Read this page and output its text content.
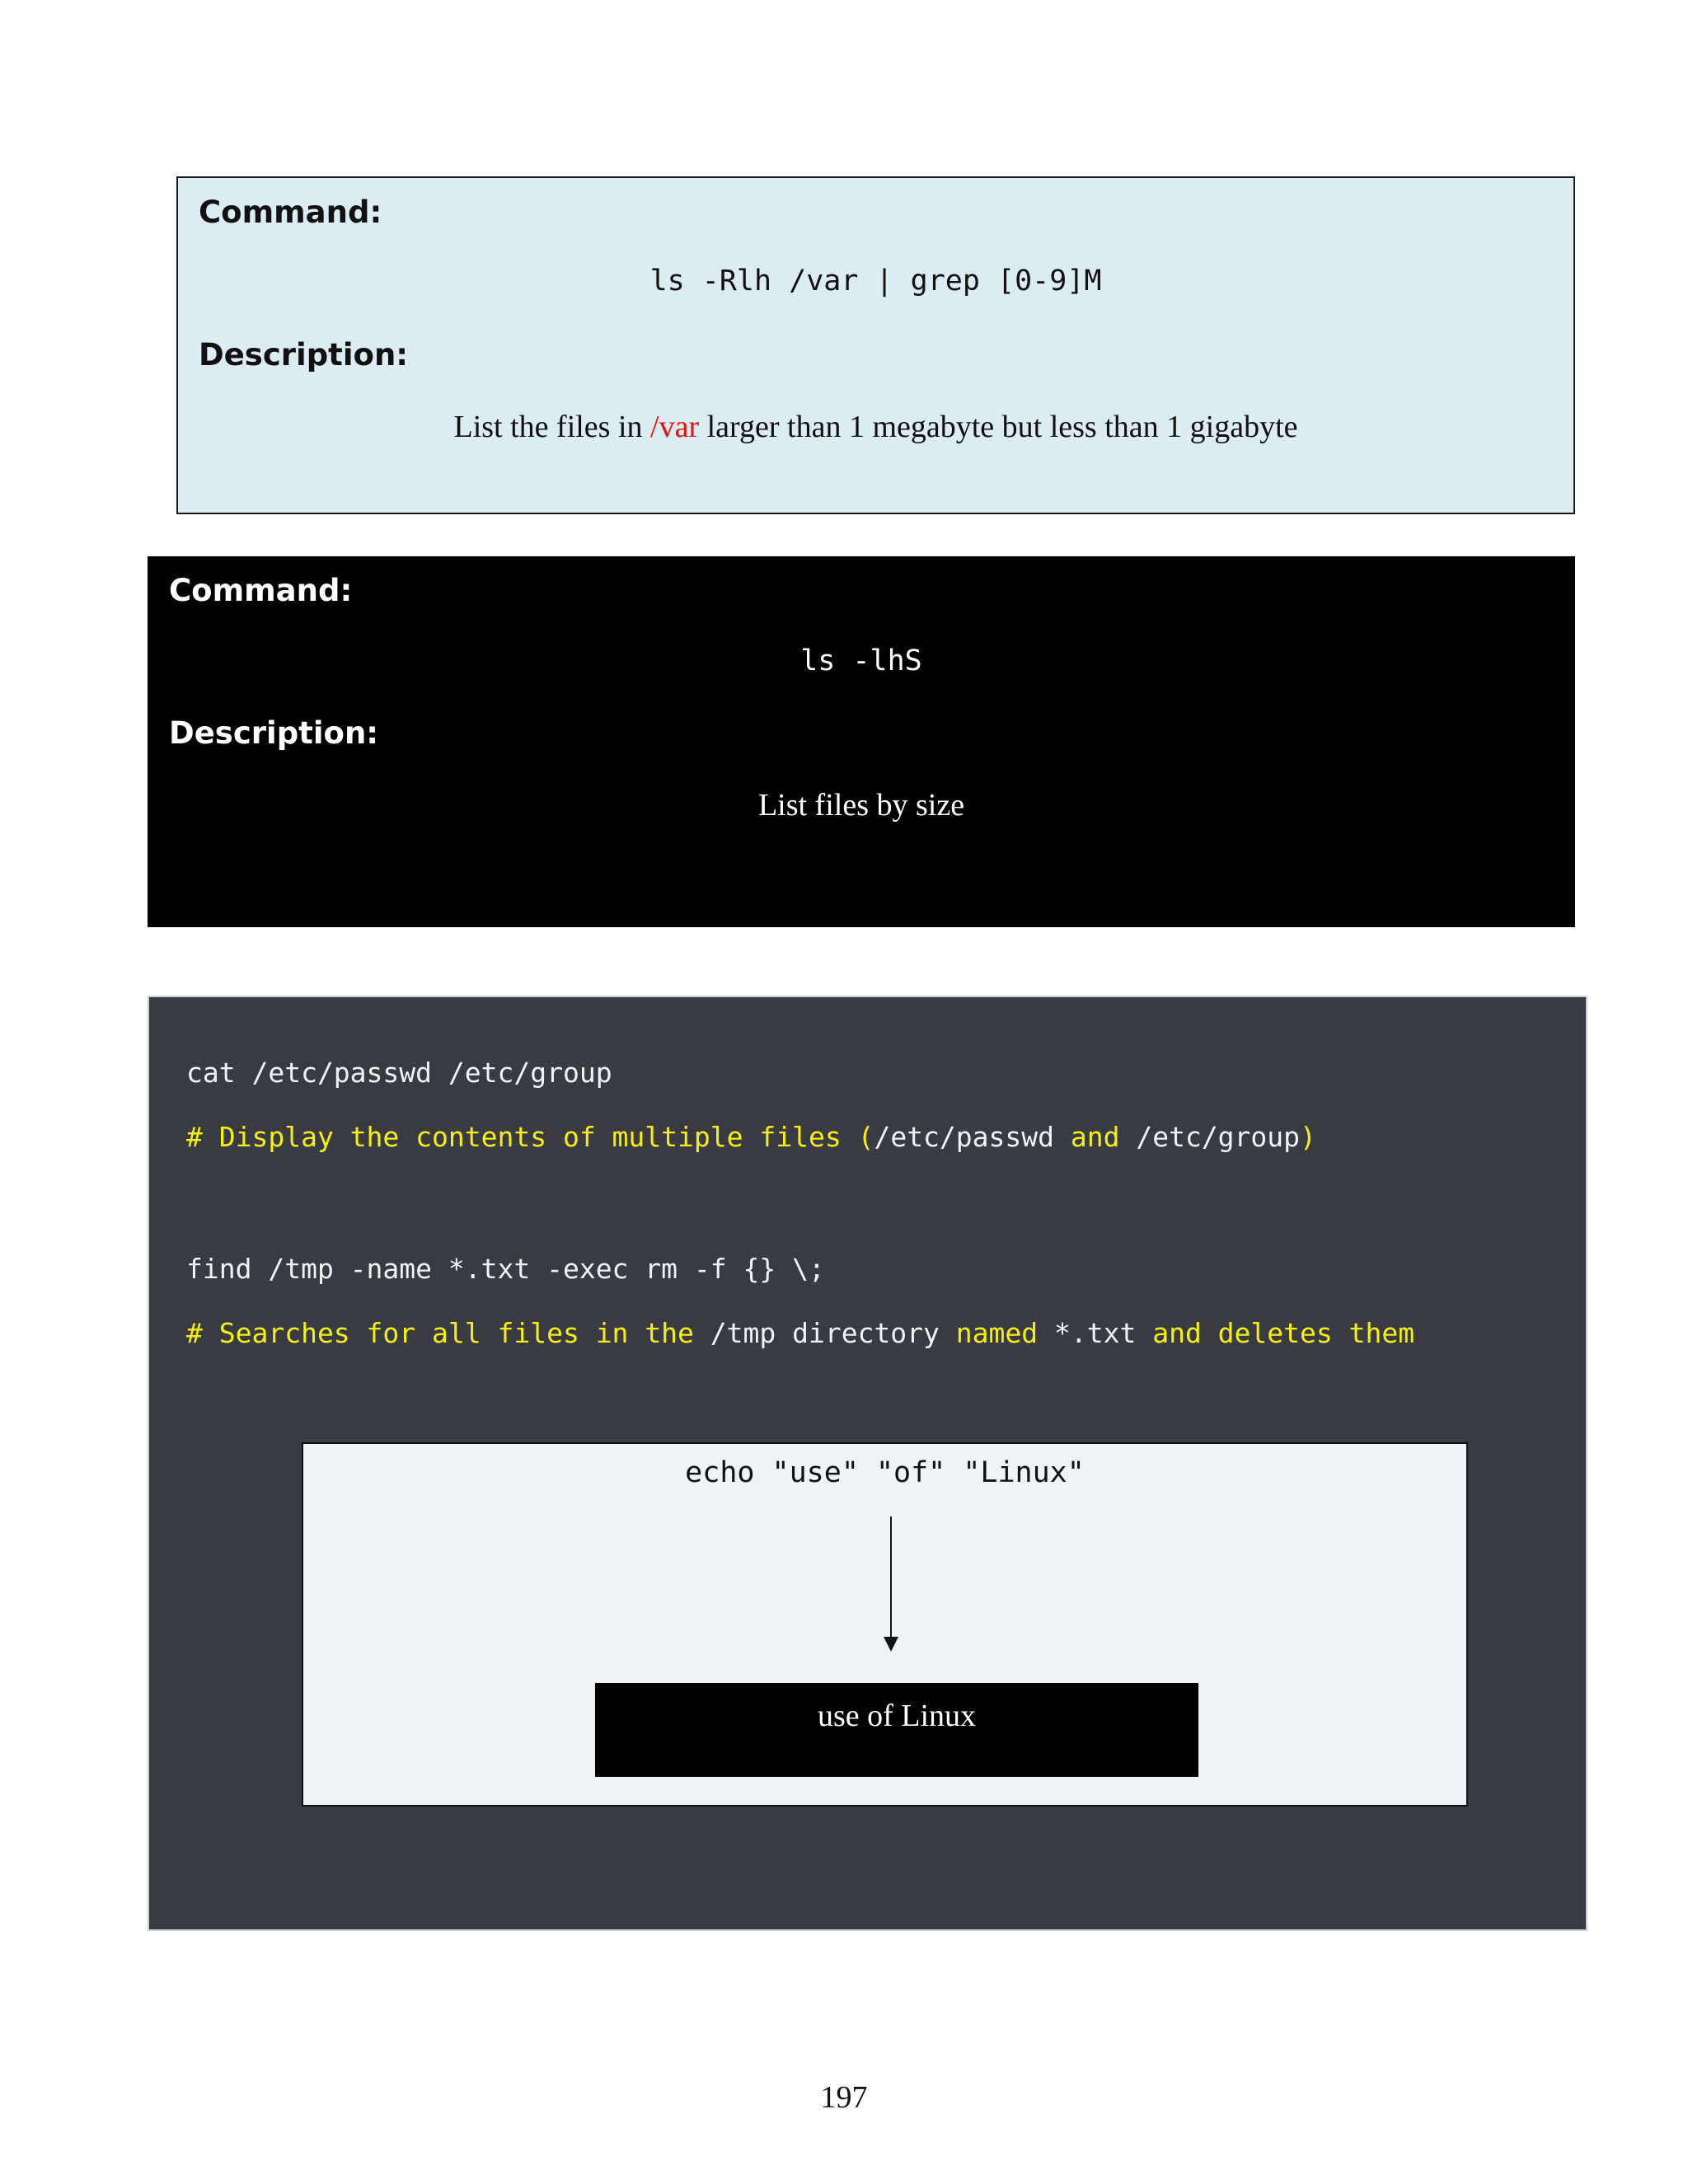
Command:
ls -Rlh /var | grep [0-9]M
Description:
List the files in /var larger than 1 megabyte but less than 1 gigabyte
Command:
ls -lhS
Description:
List files by size
cat /etc/passwd /etc/group
# Display the contents of multiple files (/etc/passwd and /etc/group)
find /tmp -name *.txt -exec rm -f {} \;
# Searches for all files in the /tmp directory named *.txt and deletes them
echo "use" "of" "Linux"
use of Linux
197
